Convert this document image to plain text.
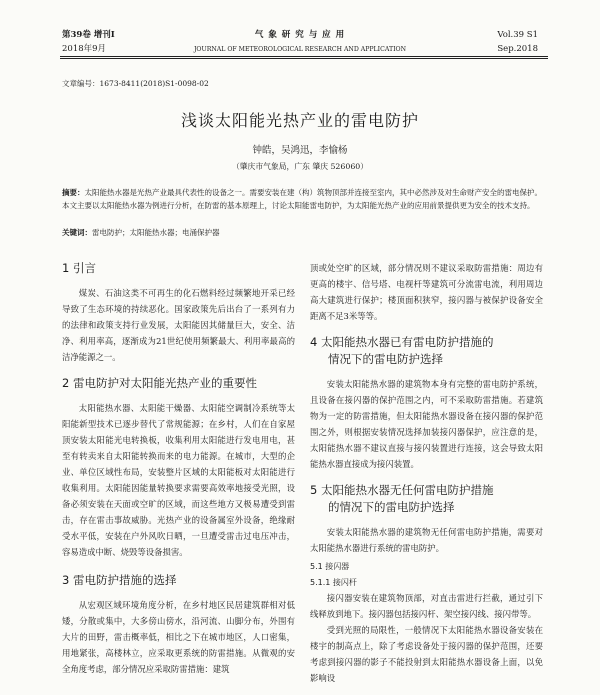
第39卷 增刊Ⅰ
2018年9月
气 象 研 究 与 应 用
JOURNAL OF METEOROLOGICAL RESEARCH AND APPLICATION
Vol.39 S1
Sep.2018
文章编号：1673-8411(2018)S1-0098-02
浅谈太阳能光热产业的雷电防护
钟皓，吴鸿迅，李愉杨
（肇庆市气象局，广东 肇庆 526060）
摘要：太阳能热水器是光热产业最具代表性的设备之一。需要安装在建（构）筑物顶部并连接至室内，其中必然涉及对生命财产安全的雷电保护。本文主要以太阳能热水器为例进行分析，在防雷的基本原理上，讨论太阳能雷电防护，为太阳能光热产业的应用前景提供更为安全的技术支持。
关键词：雷电防护；太阳能热水器；电涌保护器
1 引言

煤炭、石油这类不可再生的化石燃料经过频繁地开采已经导致了生态环境的持续恶化。国家政策先后出台了一系列有力的法律和政策支持行业发展，太阳能因其储量巨大，安全、洁净、利用率高，逐渐成为21世纪使用频繁最大、利用率最高的洁净能源之一。

2 雷电防护对太阳能光热产业的重要性

太阳能热水器、太阳能干燥器、太阳能空调制冷系统等太阳能新型技术已逐步替代了常规能源；在乡村，人们在自家屋顶安装太阳能光电转换板，收集利用太阳能进行发电用电，甚至有转卖来自太阳能转换而来的电力能源。在城市，大型的企业、单位区域性布局，安装整片区域的太阳能板对太阳能进行收集利用。太阳能因能量转换要求需要高效率地接受光照，设备必须安装在天面或空旷的区域，而这些地方又极易遭受到雷击，存在雷击事故威胁。光热产业的设备属室外设备，绝缘耐受水平低，安装在户外风吹日晒，一旦遭受雷击过电压冲击，容易造成中断、烧毁等设备损害。

3 雷电防护措施的选择

从宏观区域环境角度分析，在乡村地区民居建筑群相对低矮，分散或集中，大多傍山傍水，沿河流、山脚分布，外围有大片的田野，雷击概率低，相比之下在城市地区，人口密集，用地紧张，高楼林立，应采取更系统的防雷措施。从微观的安全角度考虑，部分情况应采取防雷措施：建筑

顶或处空旷的区域，部分情况则不建议采取防雷措施：周边有更高的楼宇、信号塔、电视杆等建筑可分流雷电流，利用周边高大建筑进行保护；楼顶面积狭窄，接闪器与被保护设备安全距离不足3米等等。

4 太阳能热水器已有雷电防护措施的
情况下的雷电防护选择

安装太阳能热水器的建筑物本身有完整的雷电防护系统，且设备在接闪器的保护范围之内，可不采取防雷措施。若建筑物为一定的防雷措施，但太阳能热水器设备在接闪器的保护范围之外，则根据安装情况选择加装接闪器保护，应注意的是，太阳能热水器不建议直接与接闪装置进行连接，这会导致太阳能热水器直接成为接闪装置。

5 太阳能热水器无任何雷电防护措施
的情况下的雷电防护选择

安装太阳能热水器的建筑物无任何雷电防护措施，需要对太阳能热水器进行系统的雷电防护。

5.1 接闪器
5.1.1 接闪杆

接闪器安装在建筑物顶部，对直击雷进行拦截，通过引下线释放到地下。接闪器包括接闪杆、架空接闪线、接闪带等。

受到光照的局限性，一般情况下太阳能热水器设备安装在楼宇的制高点上，除了考虑设备处于接闪器的保护范围，还要考虑到接闪器的影子不能投射到太阳能热水器设备上面，以免影响设
